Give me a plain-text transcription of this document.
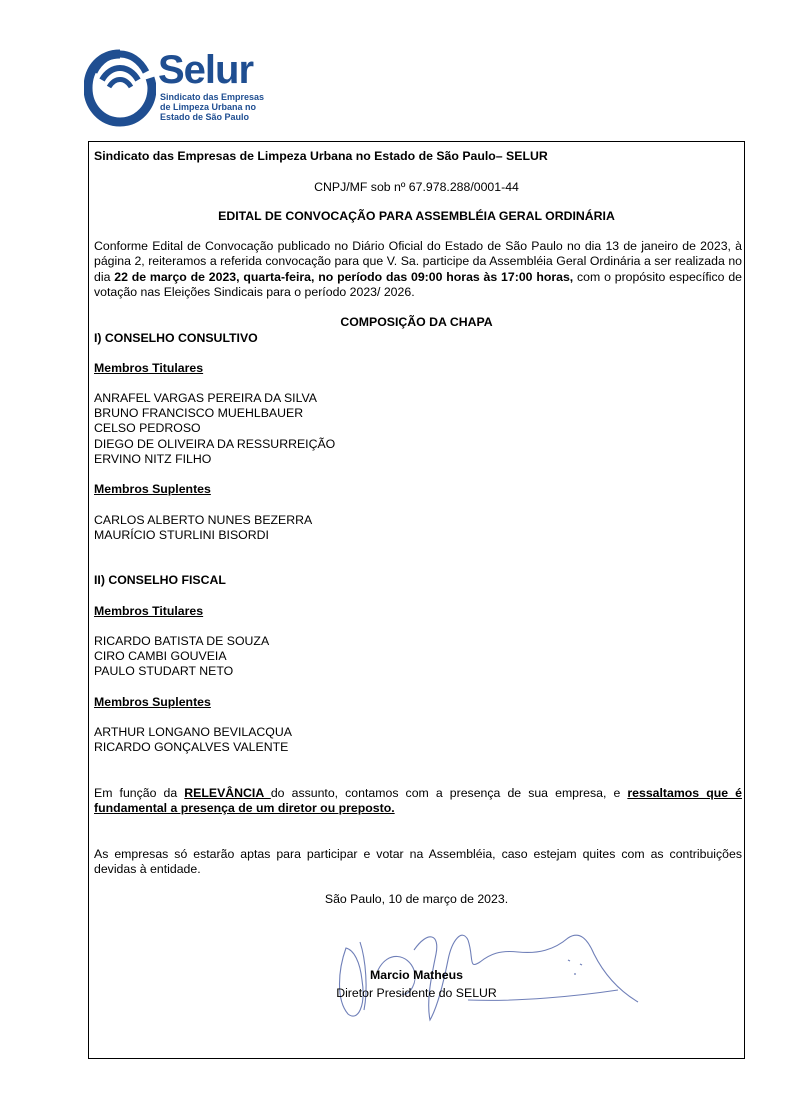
Selur
Sindicato das Empresas
de Limpeza Urbana no
Estado de São Paulo
Sindicato das Empresas de Limpeza Urbana no Estado de São Paulo– SELUR
CNPJ/MF sob nº 67.978.288/0001-44
EDITAL DE CONVOCAÇÃO PARA ASSEMBLÉIA GERAL ORDINÁRIA
Conforme Edital de Convocação publicado no Diário Oficial do Estado de São Paulo no dia 13 de janeiro de 2023, à página 2, reiteramos a referida convocação para que V. Sa. participe da Assembléia Geral Ordinária a ser realizada no dia 22 de março de 2023, quarta-feira, no período das 09:00 horas às 17:00 horas, com o propósito específico de votação nas Eleições Sindicais para o período 2023/ 2026.
COMPOSIÇÃO DA CHAPA
I) CONSELHO CONSULTIVO
Membros Titulares
ANRAFEL VARGAS PEREIRA DA SILVA
BRUNO FRANCISCO MUEHLBAUER
CELSO PEDROSO
DIEGO DE OLIVEIRA DA RESSURREIÇÃO
ERVINO NITZ FILHO
Membros Suplentes
CARLOS ALBERTO NUNES BEZERRA
MAURÍCIO STURLINI BISORDI
II) CONSELHO FISCAL
Membros Titulares
RICARDO BATISTA DE SOUZA
CIRO CAMBI GOUVEIA
PAULO STUDART NETO
Membros Suplentes
ARTHUR LONGANO BEVILACQUA
RICARDO GONÇALVES VALENTE
Em função da RELEVÂNCIA do assunto, contamos com a presença de sua empresa, e ressaltamos que é fundamental a presença de um diretor ou preposto.
As empresas só estarão aptas para participar e votar na Assembléia, caso estejam quites com as contribuições devidas à entidade.
São Paulo, 10 de março de 2023.
Marcio Matheus
Diretor Presidente do SELUR
